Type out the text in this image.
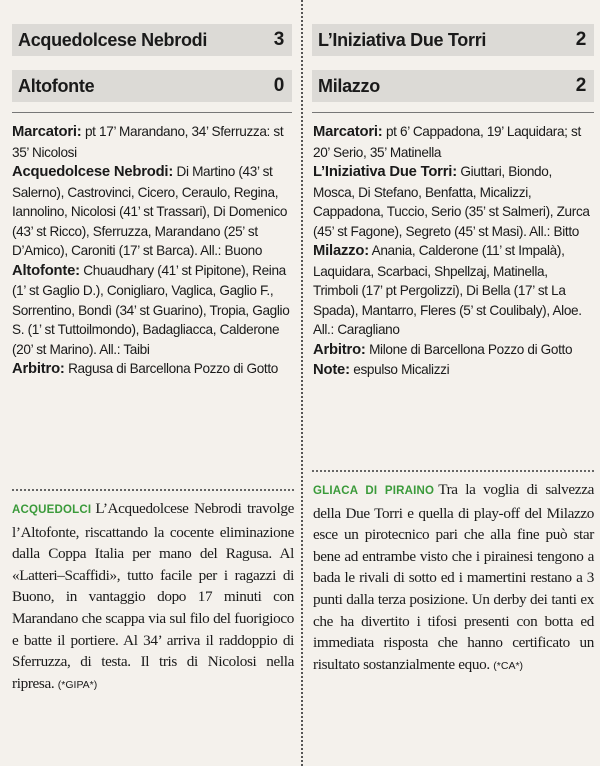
Acquedolcese Nebrodi	3
Altofonte	0

Marcatori: pt 17’ Marandano, 34’ Sferruzza: st 35’ Nicolosi

Acquedolcese Nebrodi: Di Martino (43’ st Salerno), Castrovinci, Cicero, Ceraulo, Regina, Iannolino, Nicolosi (41’ st Trassari), Di Domenico (43’ st Ricco), Sferruzza, Marandano (25’ st D’Amico), Caroniti (17’ st Barca). All.: Buono

Altofonte: Chuaudhary (41’ st Pipitone), Reina (1’ st Gaglio D.), Conigliaro, Vaglica, Gaglio F., Sorrentino, Bondì (34’ st Guarino), Tropia, Gaglio S. (1’ st Tuttoilmondo), Badagliacca, Calderone (20’ st Marino). All.: Taibi

Arbitro: Ragusa di Barcellona Pozzo di Gotto

ACQUEDOLCI L’Acquedolcese Nebrodi travolge l’Altofonte, riscattando la cocente eliminazione dalla Coppa Italia per mano del Ragusa. Al «Latteri–Scaffidi», tutto facile per i ragazzi di Buono, in vantaggio dopo 17 minuti con Marandano che scappa via sul filo del fuorigioco e batte il portiere. Al 34’ arriva il raddoppio di Sferruzza, di testa. Il tris di Nicolosi nella ripresa. (*GIPA*)
L’Iniziativa Due Torri	2
Milazzo	2

Marcatori: pt 6’ Cappadona, 19’ Laquidara; st 20’ Serio, 35’ Matinella

L’Iniziativa Due Torri: Giuttari, Biondo, Mosca, Di Stefano, Benfatta, Micalizzi, Cappadona, Tuccio, Serio (35’ st Salmeri), Zurca (45’ st Fagone), Segreto (45’ st Masi). All.: Bitto

Milazzo: Anania, Calderone (11’ st Impalà), Laquidara, Scarbaci, Shpellzaj, Matinella, Trimboli (17’ pt Pergolizzi), Di Bella (17’ st La Spada), Mantarro, Fleres (5’ st Coulibaly), Aloe. All.: Caragliano

Arbitro: Milone di Barcellona Pozzo di Gotto

Note: espulso Micalizzi

GLIACA DI PIRAINO Tra la voglia di salvezza della Due Torri e quella di play-off del Milazzo esce un pirotecnico pari che alla fine può star bene ad entrambe visto che i pirainesi tengono a bada le rivali di sotto ed i mamertini restano a 3 punti dalla terza posizione. Un derby dei tanti ex che ha divertito i tifosi presenti con botta ed immediata risposta che hanno certificato un risultato sostanzialmente equo. (*CA*)
